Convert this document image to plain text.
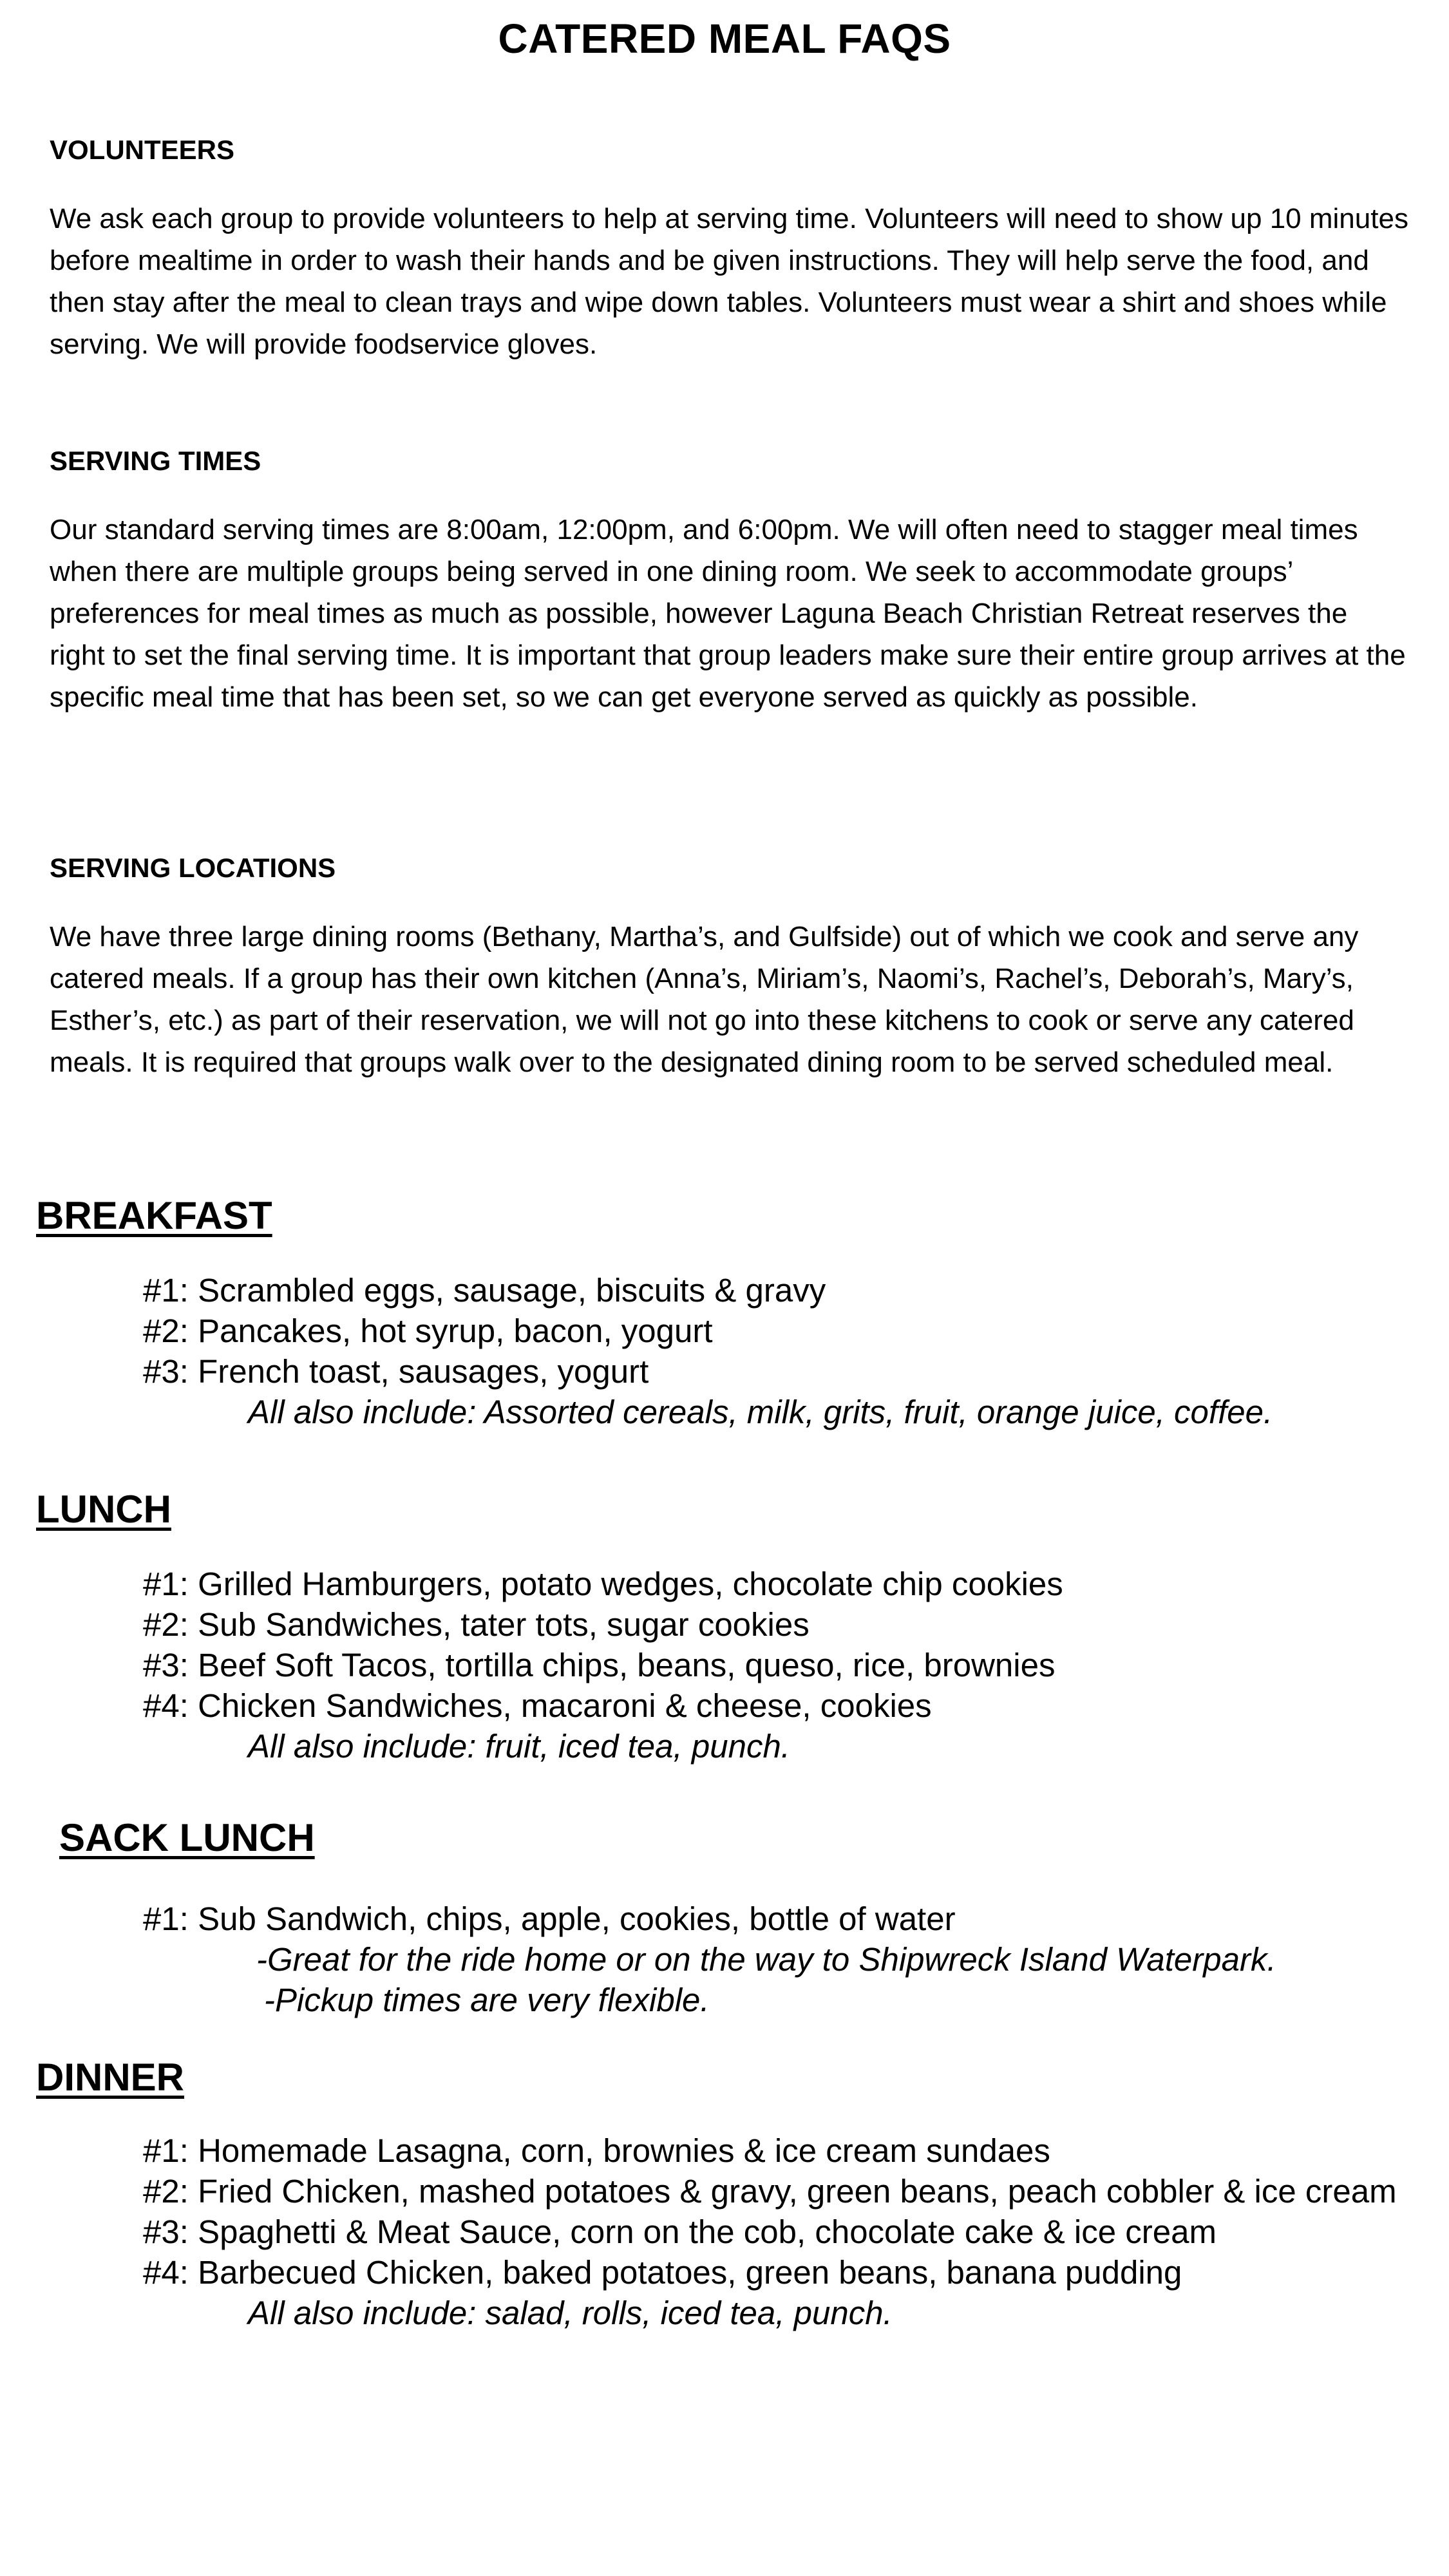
CATERED MEAL FAQS
VOLUNTEERS

We ask each group to provide volunteers to help at serving time. Volunteers will need to show up 10 minutes before mealtime in order to wash their hands and be given instructions. They will help serve the food, and then stay after the meal to clean trays and wipe down tables. Volunteers must wear a shirt and shoes while serving. We will provide foodservice gloves.

SERVING TIMES

Our standard serving times are 8:00am, 12:00pm, and 6:00pm. We will often need to stagger meal times when there are multiple groups being served in one dining room. We seek to accommodate groups’ preferences for meal times as much as possible, however Laguna Beach Christian Retreat reserves the right to set the final serving time. It is important that group leaders make sure their entire group arrives at the specific meal time that has been set, so we can get everyone served as quickly as possible.

SERVING LOCATIONS

We have three large dining rooms (Bethany, Martha’s, and Gulfside) out of which we cook and serve any catered meals. If a group has their own kitchen (Anna’s, Miriam’s, Naomi’s, Rachel’s, Deborah’s, Mary’s, Esther’s, etc.) as part of their reservation, we will not go into these kitchens to cook or serve any catered meals. It is required that groups walk over to the designated dining room to be served scheduled meal.

BREAKFAST
#1: Scrambled eggs, sausage, biscuits & gravy
#2: Pancakes, hot syrup, bacon, yogurt
#3: French toast, sausages, yogurt
All also include: Assorted cereals, milk, grits, fruit, orange juice, coffee.
LUNCH
#1: Grilled Hamburgers, potato wedges, chocolate chip cookies
#2: Sub Sandwiches, tater tots, sugar cookies
#3: Beef Soft Tacos, tortilla chips, beans, queso, rice, brownies
#4: Chicken Sandwiches, macaroni & cheese, cookies
All also include: fruit, iced tea, punch.
SACK LUNCH
#1: Sub Sandwich, chips, apple, cookies, bottle of water
-Great for the ride home or on the way to Shipwreck Island Waterpark.
-Pickup times are very flexible.
DINNER
#1: Homemade Lasagna, corn, brownies & ice cream sundaes
#2: Fried Chicken, mashed potatoes & gravy, green beans, peach cobbler & ice cream
#3: Spaghetti & Meat Sauce, corn on the cob, chocolate cake & ice cream
#4: Barbecued Chicken, baked potatoes, green beans, banana pudding
All also include: salad, rolls, iced tea, punch.
